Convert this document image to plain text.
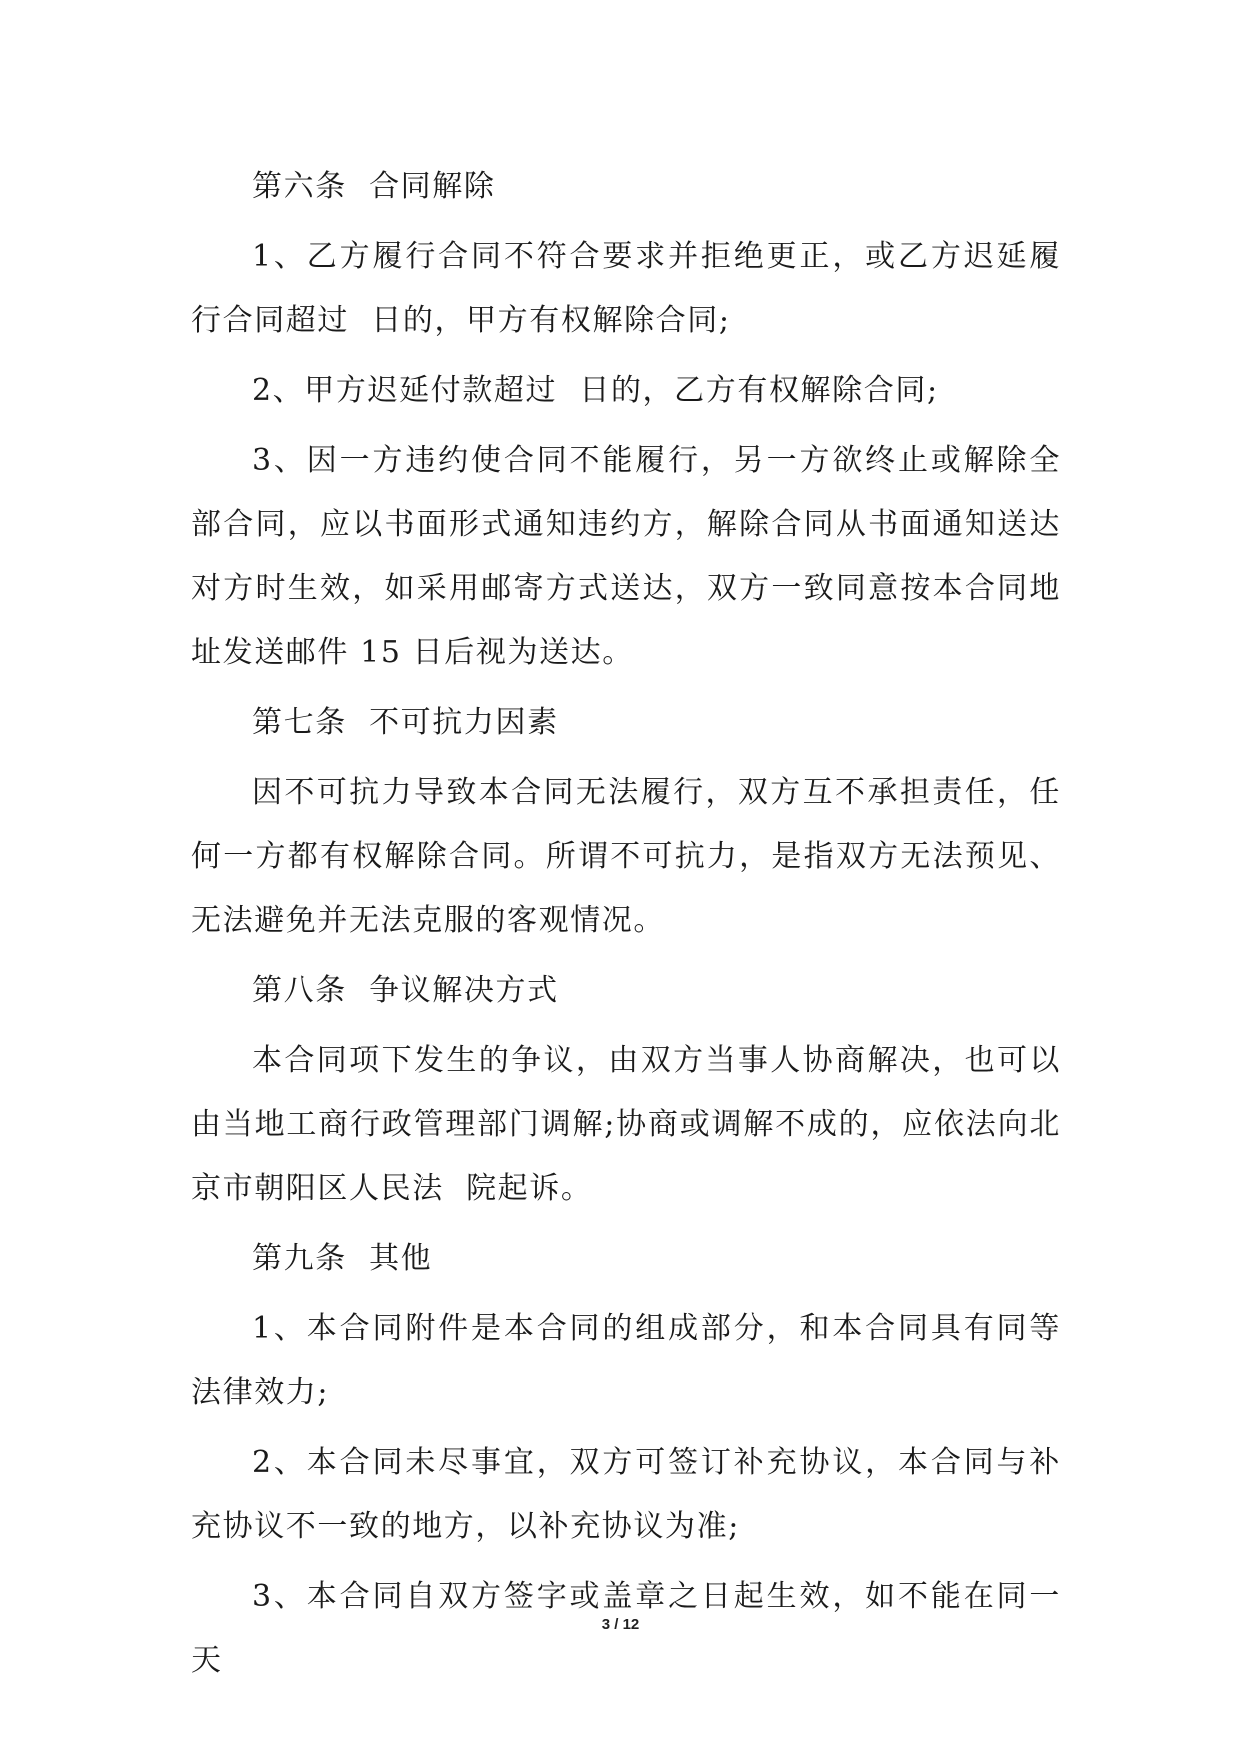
第六条  合同解除

1、乙方履行合同不符合要求并拒绝更正，或乙方迟延履行合同超过  日的，甲方有权解除合同;

2、甲方迟延付款超过  日的，乙方有权解除合同;

3、因一方违约使合同不能履行，另一方欲终止或解除全部合同，应以书面形式通知违约方，解除合同从书面通知送达对方时生效，如采用邮寄方式送达，双方一致同意按本合同地址发送邮件 15 日后视为送达。

第七条  不可抗力因素

因不可抗力导致本合同无法履行，双方互不承担责任，任何一方都有权解除合同。所谓不可抗力，是指双方无法预见、无法避免并无法克服的客观情况。

第八条  争议解决方式

本合同项下发生的争议，由双方当事人协商解决，也可以由当地工商行政管理部门调解;协商或调解不成的，应依法向北京市朝阳区人民法  院起诉。

第九条  其他

1、本合同附件是本合同的组成部分，和本合同具有同等法律效力;

2、本合同未尽事宜，双方可签订补充协议，本合同与补充协议不一致的地方，以补充协议为准;

3、本合同自双方签字或盖章之日起生效，如不能在同一天

3 / 12
